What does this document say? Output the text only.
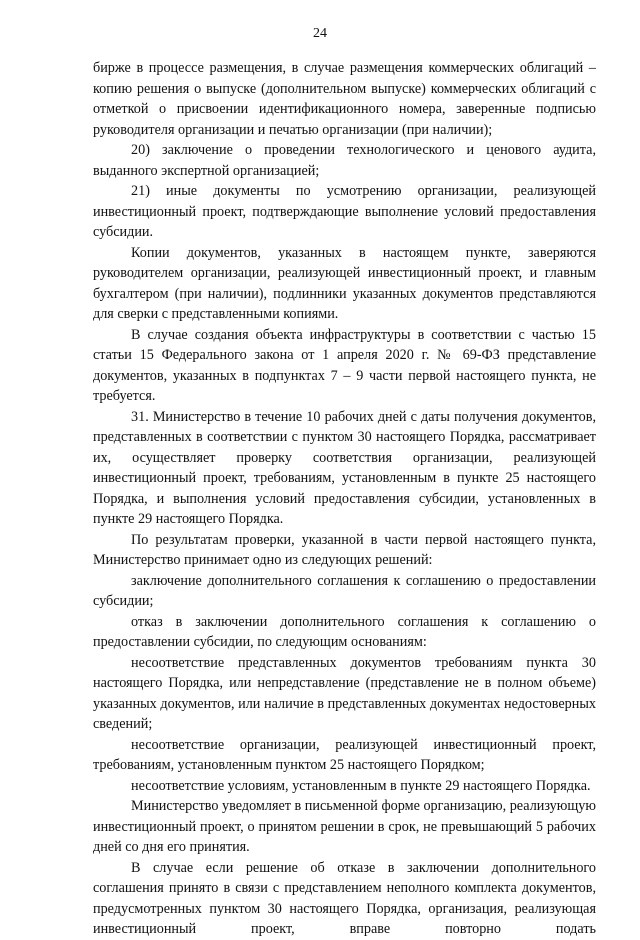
24

бирже в процессе размещения, в случае размещения коммерческих облигаций – копию решения о выпуске (дополнительном выпуске) коммерческих облигаций с отметкой о присвоении идентификационного номера, заверенные подписью руководителя организации и печатью организации (при наличии);

20) заключение о проведении технологического и ценового аудита, выданного экспертной организацией;

21) иные документы по усмотрению организации, реализующей инвестиционный проект, подтверждающие выполнение условий предоставления субсидии.

Копии документов, указанных в настоящем пункте, заверяются руководителем организации, реализующей инвестиционный проект, и главным бухгалтером (при наличии), подлинники указанных документов представляются для сверки с представленными копиями.

В случае создания объекта инфраструктуры в соответствии с частью 15 статьи 15 Федерального закона от 1 апреля 2020 г. № 69-ФЗ представление документов, указанных в подпунктах 7 – 9 части первой настоящего пункта, не требуется.

31. Министерство в течение 10 рабочих дней с даты получения документов, представленных в соответствии с пунктом 30 настоящего Порядка, рассматривает их, осуществляет проверку соответствия организации, реализующей инвестиционный проект, требованиям, установленным в пункте 25 настоящего Порядка, и выполнения условий предоставления субсидии, установленных в пункте 29 настоящего Порядка.

По результатам проверки, указанной в части первой настоящего пункта, Министерство принимает одно из следующих решений:

заключение дополнительного соглашения к соглашению о предоставлении субсидии;

отказ в заключении дополнительного соглашения к соглашению о предоставлении субсидии, по следующим основаниям:

несоответствие представленных документов требованиям пункта 30 настоящего Порядка, или непредставление (представление не в полном объеме) указанных документов, или наличие в представленных документах недостоверных сведений;

несоответствие организации, реализующей инвестиционный проект, требованиям, установленным пунктом 25 настоящего Порядком;

несоответствие условиям, установленным в пункте 29 настоящего Порядка.

Министерство уведомляет в письменной форме организацию, реализующую инвестиционный проект, о принятом решении в срок, не превышающий 5 рабочих дней со дня его принятия.

В случае если решение об отказе в заключении дополнительного соглашения принято в связи с представлением неполного комплекта документов, предусмотренных пунктом 30 настоящего Порядка, организация, реализующая инвестиционный проект, вправе повторно подать
